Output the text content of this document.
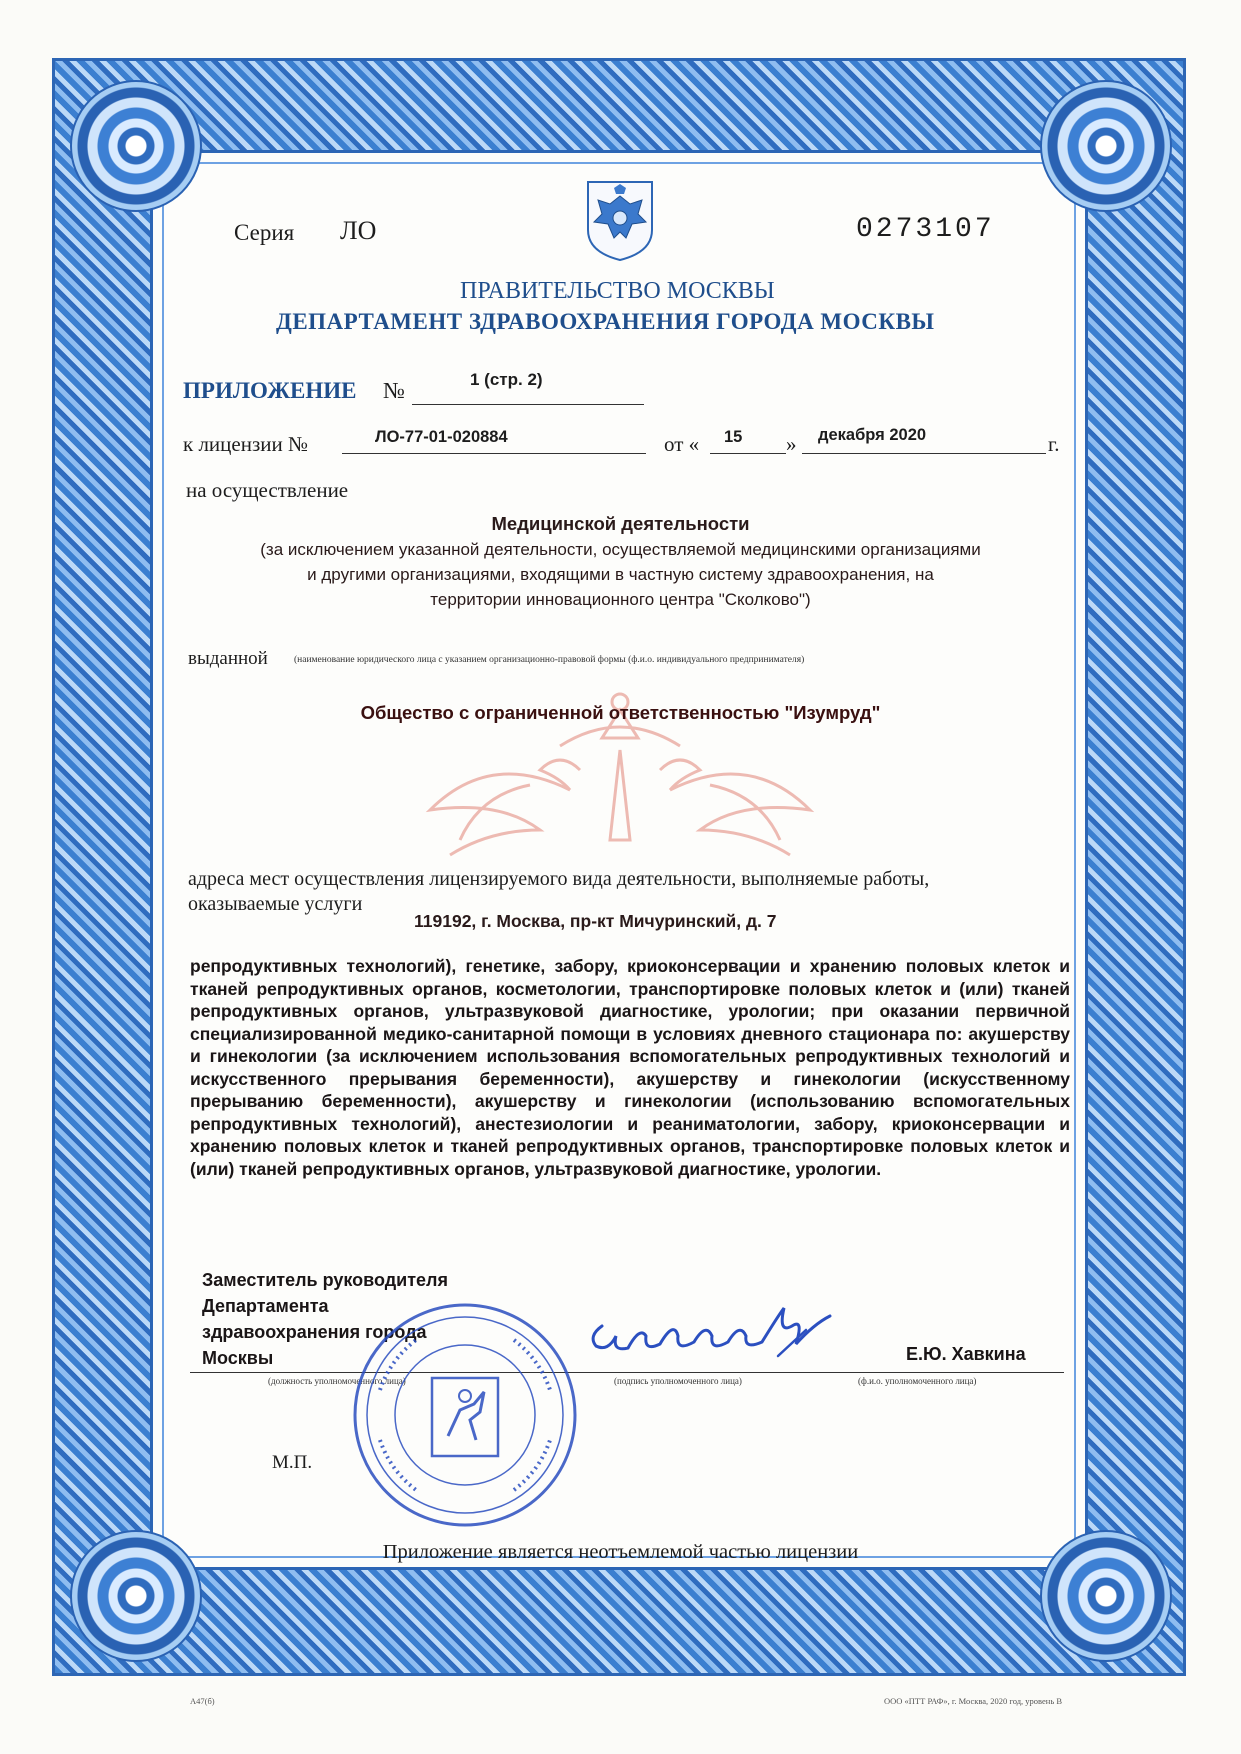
Серия ЛО	0273107
ПРАВИТЕЛЬСТВО МОСКВЫ
ДЕПАРТАМЕНТ ЗДРАВООХРАНЕНИЯ ГОРОДА МОСКВЫ
ПРИЛОЖЕНИЕ №	1 (стр. 2)
к лицензии №	ЛО-77-01-020884	от « 15 » декабря 2020	г.
на осуществление
Медицинской деятельности
(за исключением указанной деятельности, осуществляемой медицинскими организациями
и другими организациями, входящими в частную систему здравоохранения, на
территории инновационного центра "Сколково")
выданной	(наименование юридического лица с указанием организационно-правовой формы (ф.и.о. индивидуального предпринимателя)
Общество с ограниченной ответственностью "Изумруд"
адреса мест осуществления лицензируемого вида деятельности, выполняемые работы,
оказываемые услуги
119192, г. Москва, пр-кт Мичуринский, д. 7
репродуктивных технологий), генетике, забору, криоконсервации и хранению половых клеток и тканей репродуктивных органов, косметологии, транспортировке половых клеток и (или) тканей репродуктивных органов, ультразвуковой диагностике, урологии; при оказании первичной специализированной медико-санитарной помощи в условиях дневного стационара по: акушерству и гинекологии (за исключением использования вспомогательных репродуктивных технологий и искусственного прерывания беременности), акушерству и гинекологии (искусственному прерыванию беременности), акушерству и гинекологии (использованию вспомогательных репродуктивных технологий), анестезиологии и реаниматологии, забору, криоконсервации и хранению половых клеток и тканей репродуктивных органов, транспортировке половых клеток и (или) тканей репродуктивных органов, ультразвуковой диагностике, урологии.
Заместитель руководителя
Департамента
здравоохранения города
Москвы	Е.Ю. Хавкина
(должность уполномоченного лица)	(подпись уполномоченного лица)	(ф.и.о. уполномоченного лица)
М.П.
Приложение является неотъемлемой частью лицензии
А47(б)	ООО «ПТТ РАФ», г. Москва, 2020 год, уровень В
